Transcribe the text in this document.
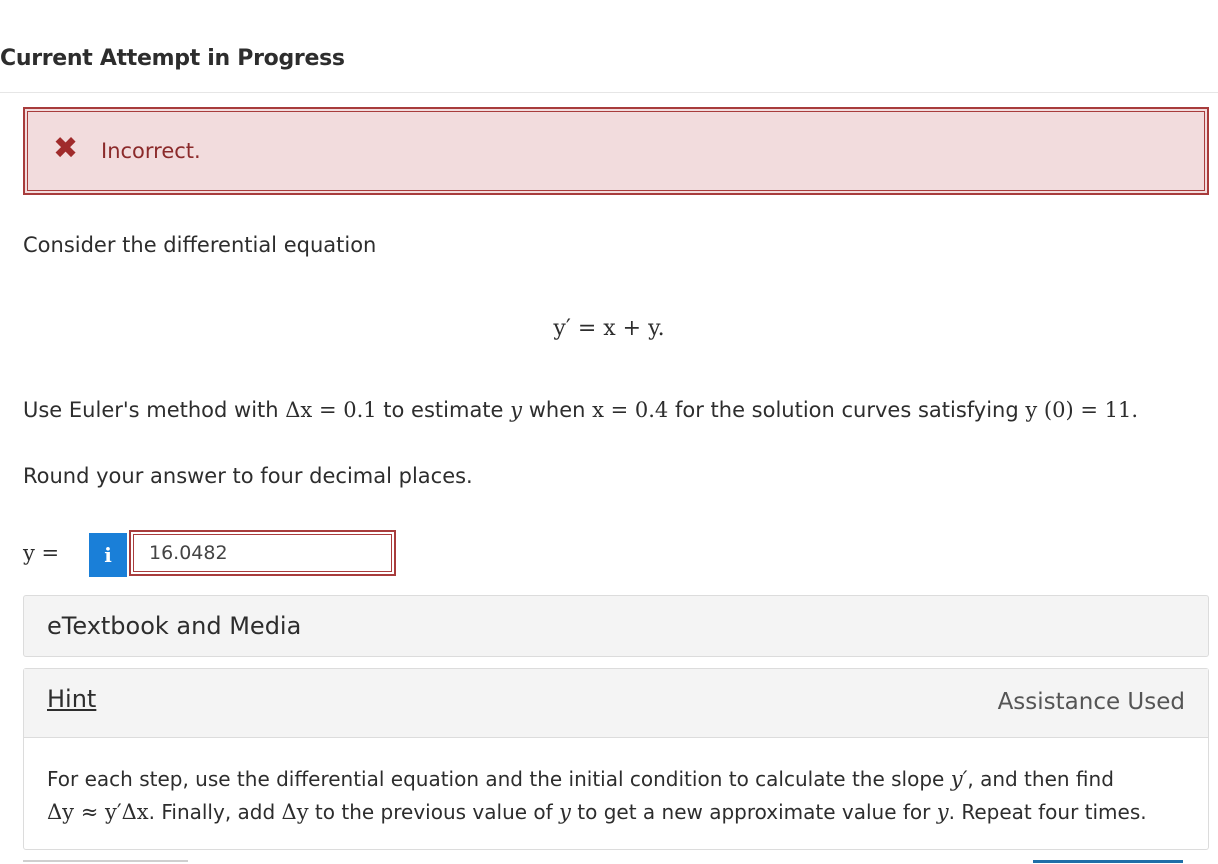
Current Attempt in Progress
✖ Incorrect.
Consider the differential equation
y′ = x + y.
Use Euler's method with Δx = 0.1 to estimate y when x = 0.4 for the solution curves satisfying y (0) = 11.
Round your answer to four decimal places.
y =	i
16.0482
eTextbook and Media
Hint	Assistance Used
For each step, use the differential equation and the initial condition to calculate the slope y′, and then find
Δy ≈ y′Δx. Finally, add Δy to the previous value of y to get a new approximate value for y. Repeat four times.
